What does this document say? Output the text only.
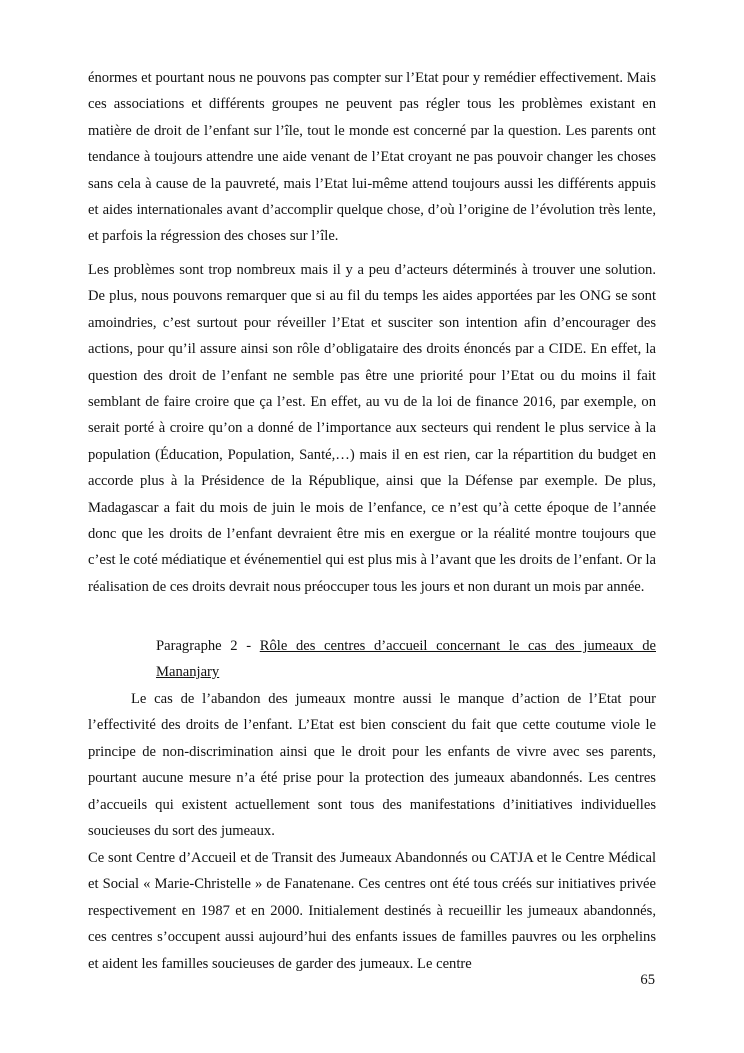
énormes et pourtant nous ne pouvons pas compter sur l’Etat pour y remédier effectivement. Mais ces associations et différents groupes ne peuvent pas régler tous les problèmes existant en matière de droit de l’enfant sur l’île, tout le monde est concerné par la question. Les parents ont tendance à toujours attendre une aide venant de l’Etat croyant ne pas pouvoir changer les choses sans cela à cause de la pauvreté, mais l’Etat lui-même attend toujours aussi les différents appuis et aides internationales avant d’accomplir quelque chose, d’où l’origine de l’évolution très lente, et parfois la régression des choses sur l’île.

Les problèmes sont trop nombreux mais il y a peu d’acteurs déterminés à trouver une solution. De plus, nous pouvons remarquer que si au fil du temps les aides apportées par les ONG se sont amoindries, c’est surtout pour réveiller l’Etat et susciter son intention afin d’encourager des actions, pour qu’il assure ainsi son rôle d’obligataire des droits énoncés par a CIDE. En effet, la question des droit de l’enfant ne semble pas être une priorité pour l’Etat ou du moins il fait semblant de faire croire que ça l’est. En effet, au vu de la loi de finance 2016, par exemple, on serait porté à croire qu’on a donné de l’importance aux secteurs qui rendent le plus service à la population (Éducation, Population, Santé,…) mais il en est rien, car la répartition du budget en accorde plus à la Présidence de la République, ainsi que la Défense par exemple. De plus, Madagascar a fait du mois de juin le mois de l’enfance, ce n’est qu’à cette époque de l’année donc que les droits de l’enfant devraient être mis en exergue or la réalité montre toujours que c’est le coté médiatique et événementiel qui est plus mis à l’avant que les droits de l’enfant. Or la réalisation de ces droits devrait nous préoccuper tous les jours et non durant un mois par année.

Paragraphe 2 - Rôle des centres d’accueil concernant le cas des jumeaux de Mananjary

Le cas de l’abandon des jumeaux montre aussi le manque d’action de l’Etat pour l’effectivité des droits de l’enfant. L’Etat est bien conscient du fait que cette coutume viole le principe de non-discrimination ainsi que le droit pour les enfants de vivre avec ses parents, pourtant aucune mesure n’a été prise pour la protection des jumeaux abandonnés. Les centres d’accueils qui existent actuellement sont tous des manifestations d’initiatives individuelles soucieuses du sort des jumeaux.

Ce sont Centre d’Accueil et de Transit des Jumeaux Abandonnés ou CATJA et le Centre Médical et Social « Marie-Christelle » de Fanatenane. Ces centres ont été tous créés sur initiatives privée respectivement en 1987 et en 2000. Initialement destinés à recueillir les jumeaux abandonnés, ces centres s’occupent aussi aujourd’hui des enfants issues de familles pauvres ou les orphelins et aident les familles soucieuses de garder des jumeaux. Le centre

65
